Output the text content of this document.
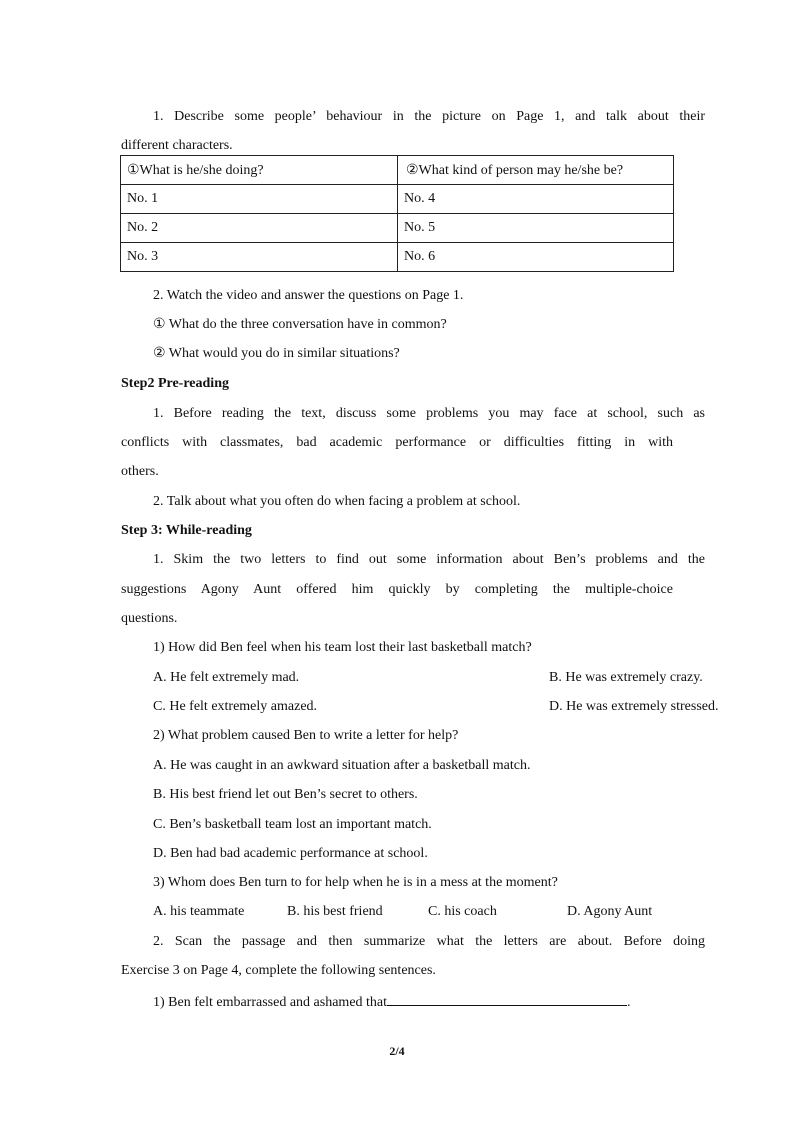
1. Describe some people’ behaviour in the picture on Page 1, and talk about their
different characters.
①What is he/she doing?	②What kind of person may he/she be?
No. 1	No. 4
No. 2	No. 5
No. 3	No. 6
2. Watch the video and answer the questions on Page 1.
① What do the three conversation have in common?
② What would you do in similar situations?
Step2 Pre-reading
1. Before reading the text, discuss some problems you may face at school, such as
conflicts with classmates, bad academic performance or difficulties fitting in with
others.
2. Talk about what you often do when facing a problem at school.
Step 3: While-reading
1. Skim the two letters to find out some information about Ben’s problems and the
suggestions Agony Aunt offered him quickly by completing the multiple-choice
questions.
1) How did Ben feel when his team lost their last basketball match?
A. He felt extremely mad.	B. He was extremely crazy.
C. He felt extremely amazed.	D. He was extremely stressed.
2) What problem caused Ben to write a letter for help?
A. He was caught in an awkward situation after a basketball match.
B. His best friend let out Ben’s secret to others.
C. Ben’s basketball team lost an important match.
D. Ben had bad academic performance at school.
3) Whom does Ben turn to for help when he is in a mess at the moment?
A. his teammate	B. his best friend	C. his coach	D. Agony Aunt
2. Scan the passage and then summarize what the letters are about. Before doing
Exercise 3 on Page 4, complete the following sentences.
1) Ben felt embarrassed and ashamed that	.
2/4
